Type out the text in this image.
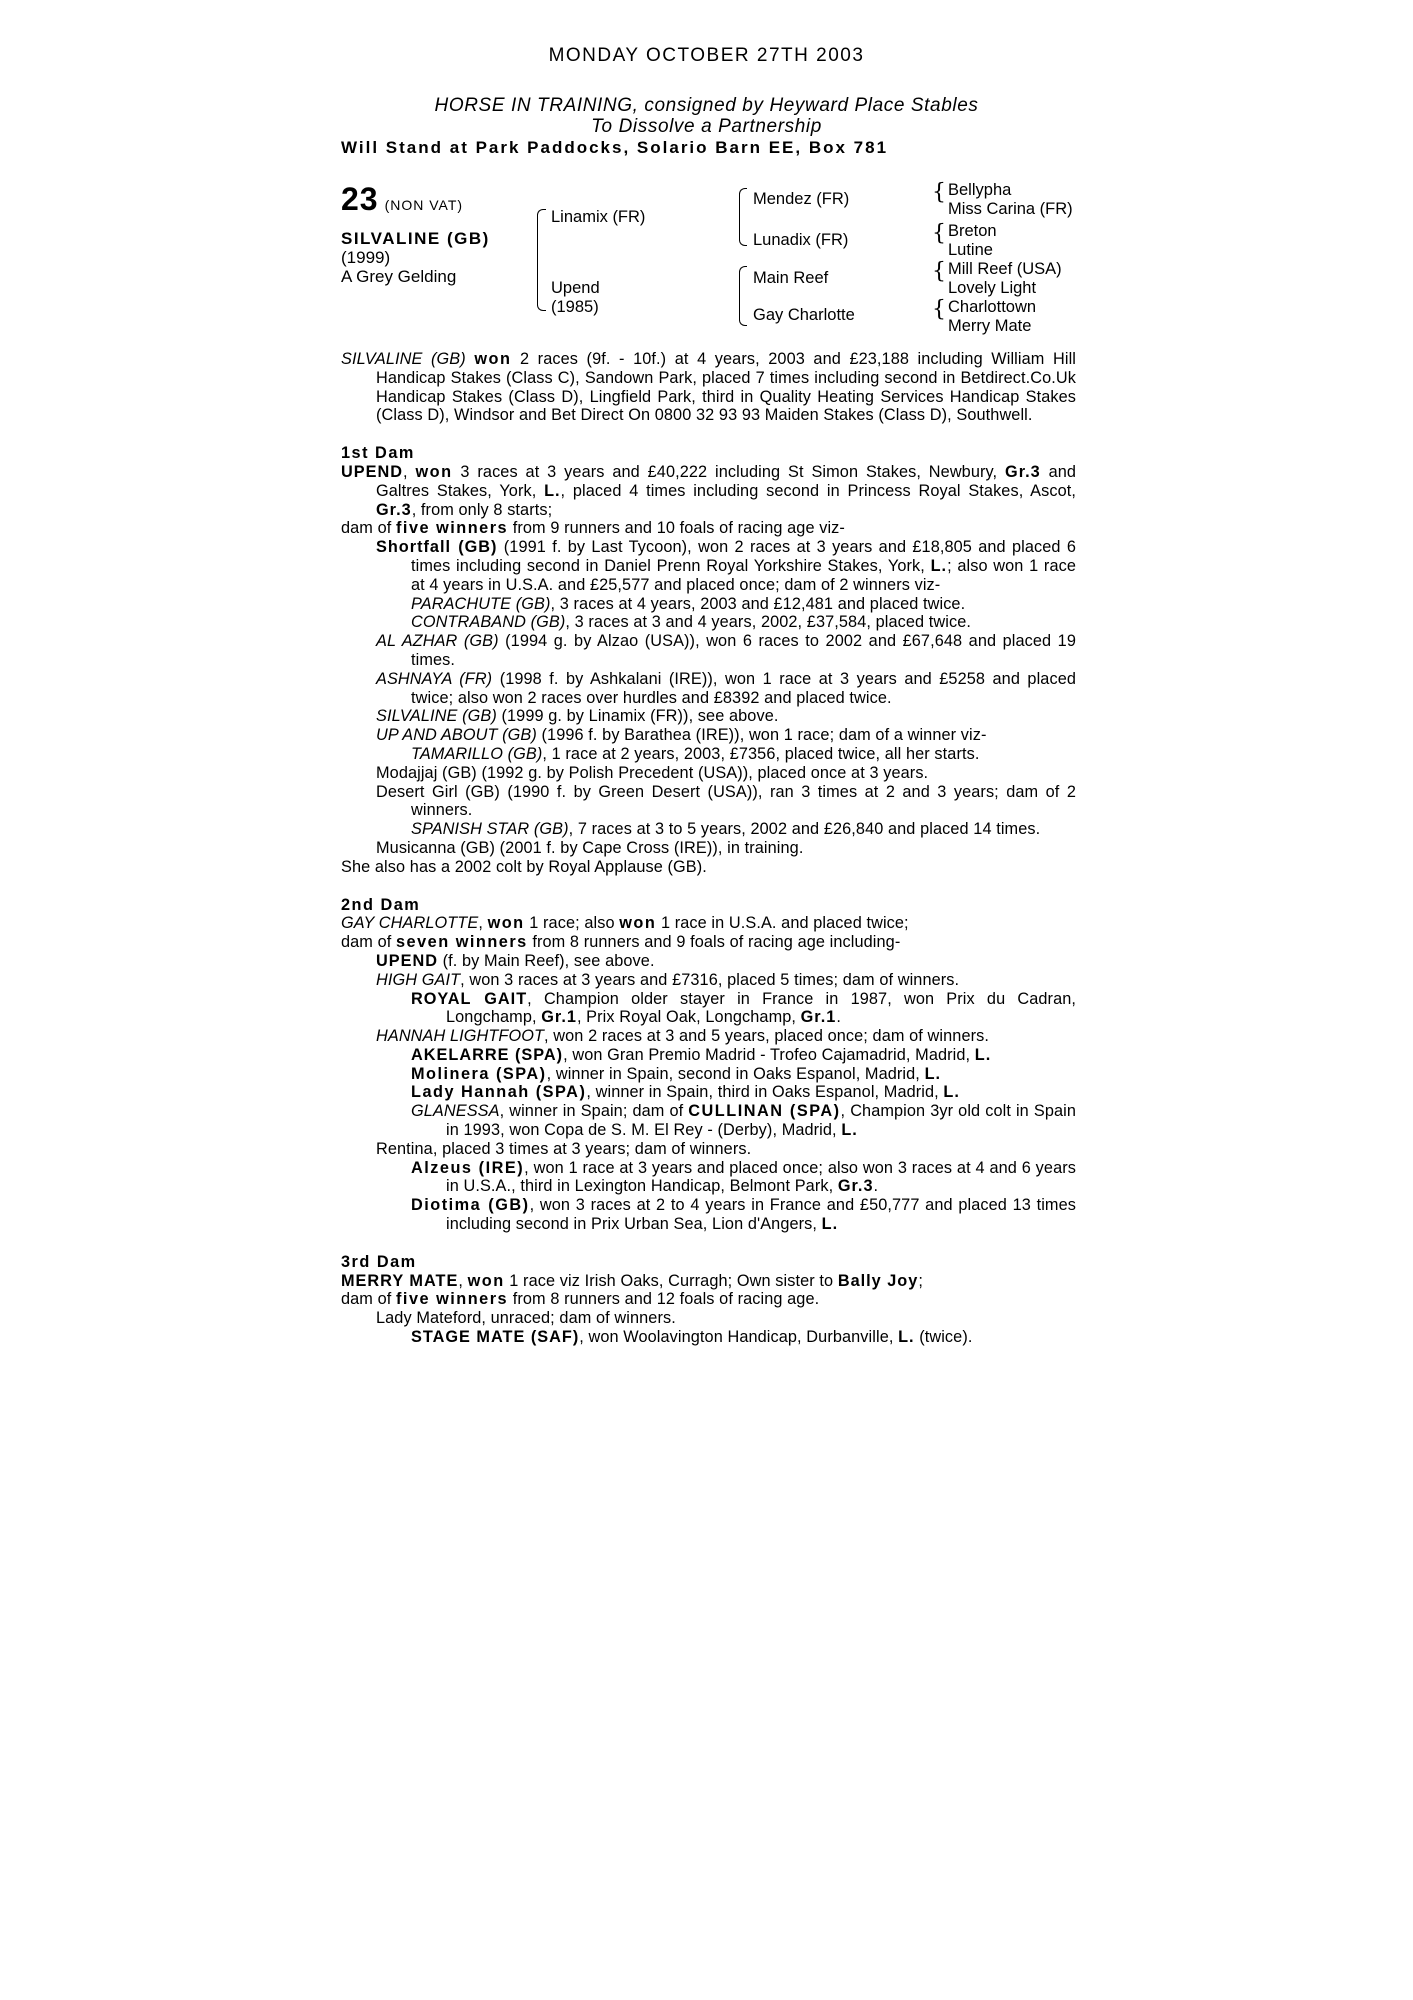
MONDAY OCTOBER 27TH 2003
HORSE IN TRAINING, consigned by Heyward Place Stables
To Dissolve a Partnership
Will Stand at Park Paddocks, Solario Barn EE, Box 781
23 (NON VAT)
SILVALINE (GB)
(1999)
A Grey Gelding
Linamix (FR)
Upend
(1985)
Mendez (FR)
Lunadix (FR)
Main Reef
Gay Charlotte
{ Bellypha
Miss Carina (FR)
{ Breton
Lutine
{ Mill Reef (USA)
Lovely Light
{ Charlottown
Merry Mate

SILVALINE (GB) won 2 races (9f. - 10f.) at 4 years, 2003 and £23,188 including William Hill Handicap Stakes (Class C), Sandown Park, placed 7 times including second in Betdirect.Co.Uk Handicap Stakes (Class D), Lingfield Park, third in Quality Heating Services Handicap Stakes (Class D), Windsor and Bet Direct On 0800 32 93 93 Maiden Stakes (Class D), Southwell.

1st Dam

UPEND, won 3 races at 3 years and £40,222 including St Simon Stakes, Newbury, Gr.3 and Galtres Stakes, York, L., placed 4 times including second in Princess Royal Stakes, Ascot, Gr.3, from only 8 starts;

dam of five winners from 9 runners and 10 foals of racing age viz-

Shortfall (GB) (1991 f. by Last Tycoon), won 2 races at 3 years and £18,805 and placed 6 times including second in Daniel Prenn Royal Yorkshire Stakes, York, L.; also won 1 race at 4 years in U.S.A. and £25,577 and placed once; dam of 2 winners viz-

PARACHUTE (GB), 3 races at 4 years, 2003 and £12,481 and placed twice.

CONTRABAND (GB), 3 races at 3 and 4 years, 2002, £37,584, placed twice.

AL AZHAR (GB) (1994 g. by Alzao (USA)), won 6 races to 2002 and £67,648 and placed 19 times.

ASHNAYA (FR) (1998 f. by Ashkalani (IRE)), won 1 race at 3 years and £5258 and placed twice; also won 2 races over hurdles and £8392 and placed twice.

SILVALINE (GB) (1999 g. by Linamix (FR)), see above.

UP AND ABOUT (GB) (1996 f. by Barathea (IRE)), won 1 race; dam of a winner viz-

TAMARILLO (GB), 1 race at 2 years, 2003, £7356, placed twice, all her starts.

Modajjaj (GB) (1992 g. by Polish Precedent (USA)), placed once at 3 years.

Desert Girl (GB) (1990 f. by Green Desert (USA)), ran 3 times at 2 and 3 years; dam of 2 winners.

SPANISH STAR (GB), 7 races at 3 to 5 years, 2002 and £26,840 and placed 14 times.

Musicanna (GB) (2001 f. by Cape Cross (IRE)), in training.

She also has a 2002 colt by Royal Applause (GB).

2nd Dam

GAY CHARLOTTE, won 1 race; also won 1 race in U.S.A. and placed twice;

dam of seven winners from 8 runners and 9 foals of racing age including-

UPEND (f. by Main Reef), see above.

HIGH GAIT, won 3 races at 3 years and £7316, placed 5 times; dam of winners.

ROYAL GAIT, Champion older stayer in France in 1987, won Prix du Cadran, Longchamp, Gr.1, Prix Royal Oak, Longchamp, Gr.1.

HANNAH LIGHTFOOT, won 2 races at 3 and 5 years, placed once; dam of winners.

AKELARRE (SPA), won Gran Premio Madrid - Trofeo Cajamadrid, Madrid, L.

Molinera (SPA), winner in Spain, second in Oaks Espanol, Madrid, L.

Lady Hannah (SPA), winner in Spain, third in Oaks Espanol, Madrid, L.

GLANESSA, winner in Spain; dam of CULLINAN (SPA), Champion 3yr old colt in Spain in 1993, won Copa de S. M. El Rey - (Derby), Madrid, L.

Rentina, placed 3 times at 3 years; dam of winners.

Alzeus (IRE), won 1 race at 3 years and placed once; also won 3 races at 4 and 6 years in U.S.A., third in Lexington Handicap, Belmont Park, Gr.3.

Diotima (GB), won 3 races at 2 to 4 years in France and £50,777 and placed 13 times including second in Prix Urban Sea, Lion d'Angers, L.

3rd Dam

MERRY MATE, won 1 race viz Irish Oaks, Curragh; Own sister to Bally Joy;

dam of five winners from 8 runners and 12 foals of racing age.

Lady Mateford, unraced; dam of winners.

STAGE MATE (SAF), won Woolavington Handicap, Durbanville, L. (twice).
